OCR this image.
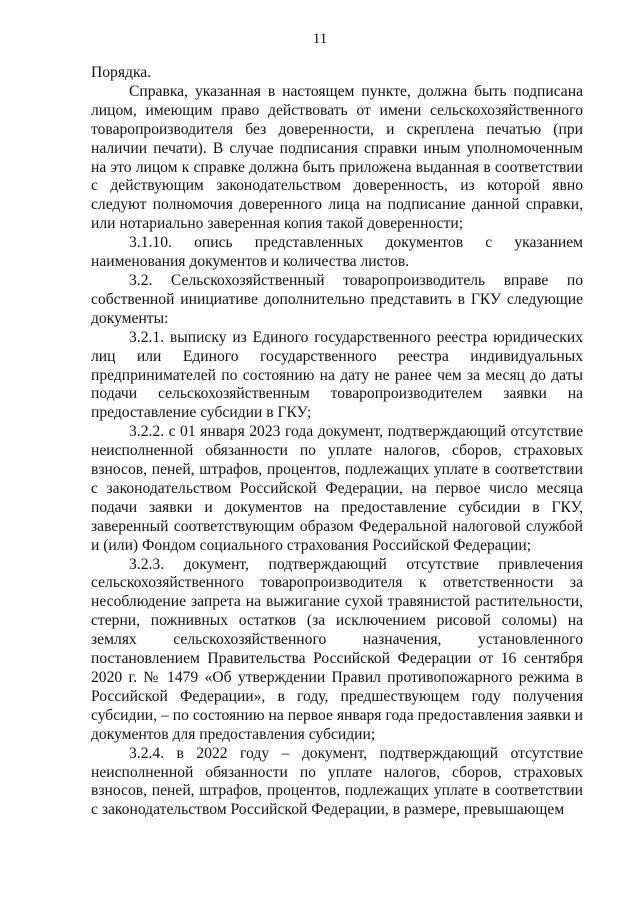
11

Порядка.

Справка, указанная в настоящем пункте, должна быть подписана лицом, имеющим право действовать от имени сельскохозяйственного товаропроизводителя без доверенности, и скреплена печатью (при наличии печати). В случае подписания справки иным уполномоченным на это лицом к справке должна быть приложена выданная в соответствии с действующим законодательством доверенность, из которой явно следуют полномочия доверенного лица на подписание данной справки, или нотариально заверенная копия такой доверенности;

3.1.10. опись представленных документов с указанием наименования документов и количества листов.

3.2. Сельскохозяйственный товаропроизводитель вправе по собственной инициативе дополнительно представить в ГКУ следующие документы:

3.2.1. выписку из Единого государственного реестра юридических лиц или Единого государственного реестра индивидуальных предпринимателей по состоянию на дату не ранее чем за месяц до даты подачи сельскохозяйственным товаропроизводителем заявки на предоставление субсидии в ГКУ;

3.2.2. с 01 января 2023 года документ, подтверждающий отсутствие неисполненной обязанности по уплате налогов, сборов, страховых взносов, пеней, штрафов, процентов, подлежащих уплате в соответствии с законодательством Российской Федерации, на первое число месяца подачи заявки и документов на предоставление субсидии в ГКУ, заверенный соответствующим образом Федеральной налоговой службой и (или) Фондом социального страхования Российской Федерации;

3.2.3. документ, подтверждающий отсутствие привлечения сельскохозяйственного товаропроизводителя к ответственности за несоблюдение запрета на выжигание сухой травянистой растительности, стерни, пожнивных остатков (за исключением рисовой соломы) на землях сельскохозяйственного назначения, установленного постановлением Правительства Российской Федерации от 16 сентября 2020 г. № 1479 «Об утверждении Правил противопожарного режима в Российской Федерации», в году, предшествующем году получения субсидии, – по состоянию на первое января года предоставления заявки и документов для предоставления субсидии;

3.2.4. в 2022 году – документ, подтверждающий отсутствие неисполненной обязанности по уплате налогов, сборов, страховых взносов, пеней, штрафов, процентов, подлежащих уплате в соответствии с законодательством Российской Федерации, в размере, превышающем
